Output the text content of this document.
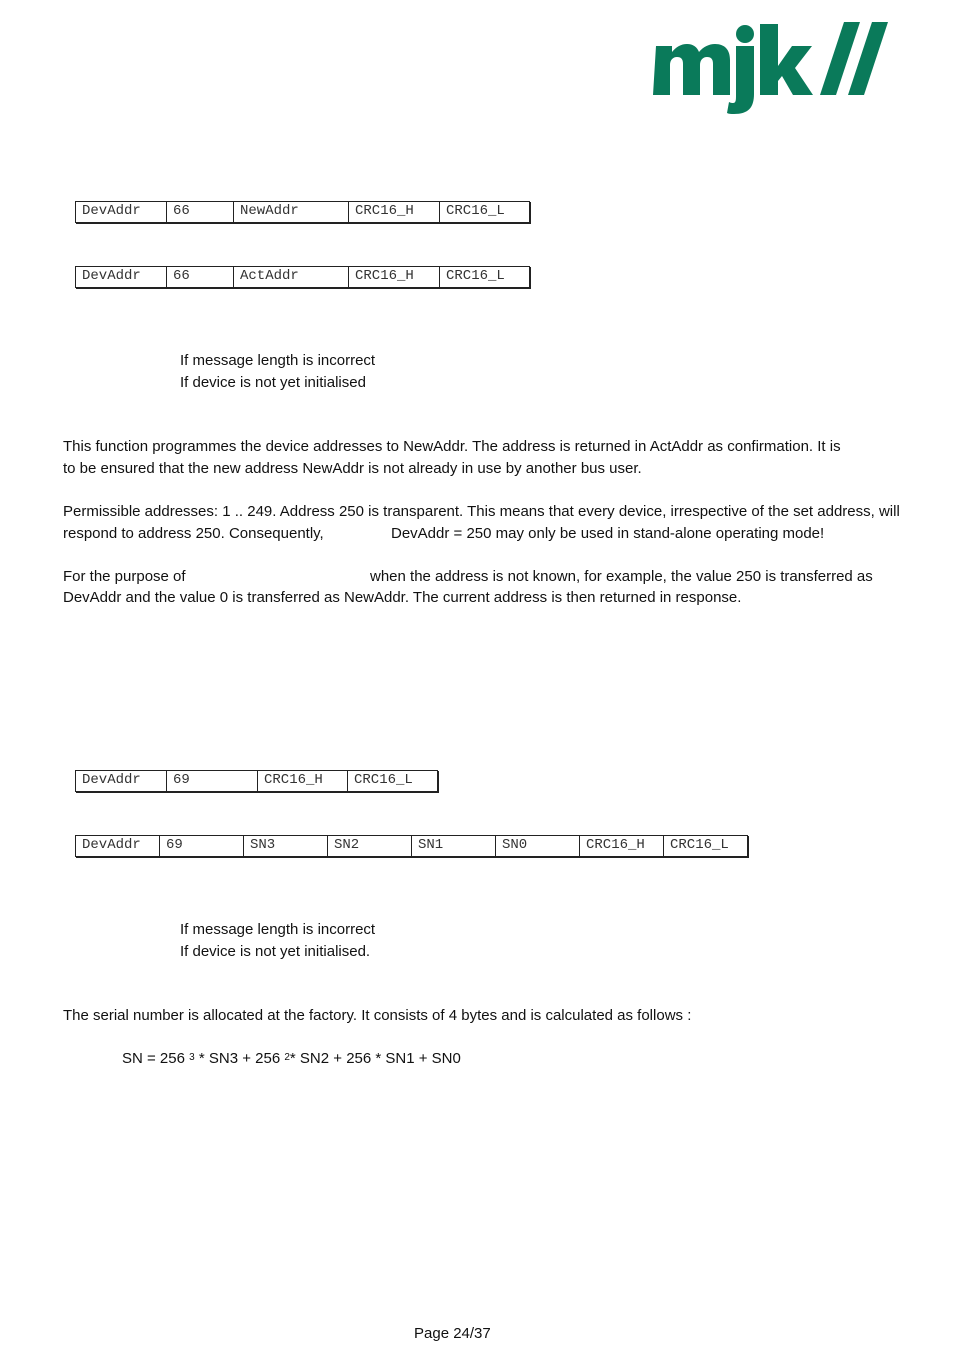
DevAddr	66	NewAddr	CRC16_H	CRC16_L
DevAddr	66	ActAddr	CRC16_H	CRC16_L
If message length is incorrect
If device is not yet initialised
This function programmes the device addresses to NewAddr. The address is returned in ActAddr as confirmation. It is to be ensured that the new address NewAddr is not already in use by another bus user.
Permissible addresses: 1 .. 249. Address 250 is transparent. This means that every device, irrespective of the set address, will
respond to address 250. Consequently,	DevAddr = 250 may only be used in stand-alone operating mode!
For the purpose of	when the address is not known, for example, the value 250 is transferred as
DevAddr and the value 0 is transferred as NewAddr. The current address is then returned in response.
DevAddr	69	CRC16_H	CRC16_L
DevAddr	69	SN3	SN2	SN1	SN0	CRC16_H	CRC16_L
If message length is incorrect
If device is not yet initialised.
The serial number is allocated at the factory. It consists of 4 bytes and is calculated as follows :
SN = 256 $^3$ * SN3 + 256 $^2$* SN2 + 256 * SN1 + SN0
Page 24/37
